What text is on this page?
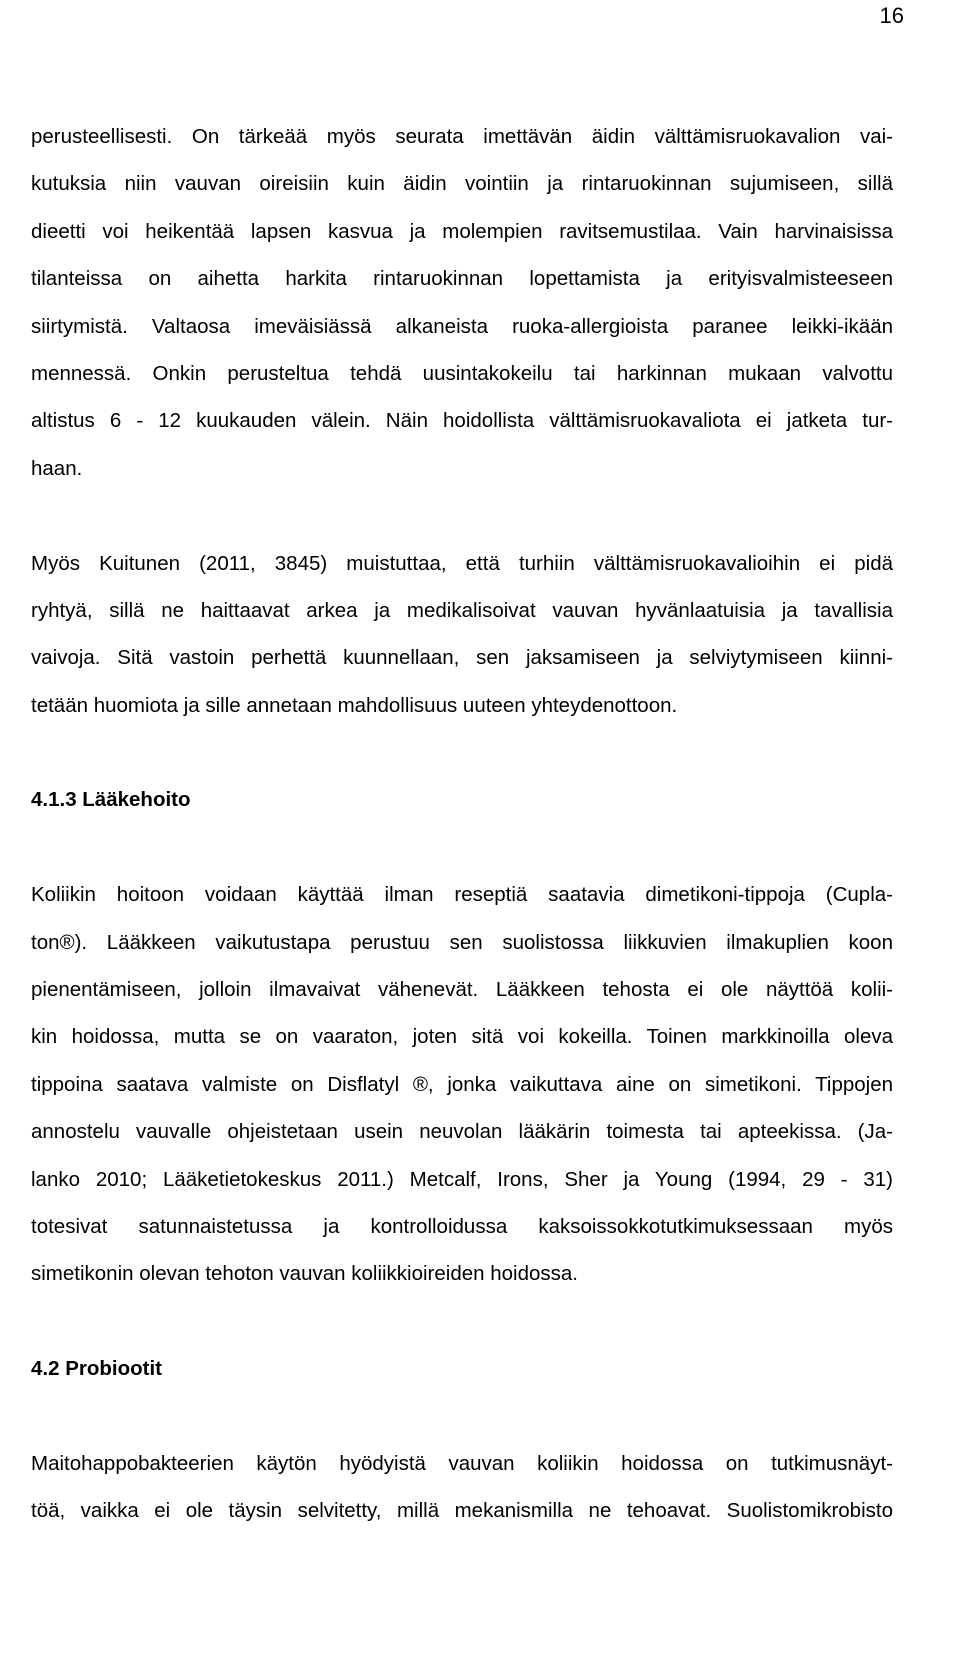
16
perusteellisesti. On tärkeää myös seurata imettävän äidin välttämisruokavalion vai-
kutuksia niin vauvan oireisiin kuin äidin vointiin ja rintaruokinnan sujumiseen, sillä
dieetti voi heikentää lapsen kasvua ja molempien ravitsemustilaa. Vain harvinaisissa
tilanteissa on aihetta harkita rintaruokinnan lopettamista ja erityisvalmisteeseen
siirtymistä. Valtaosa imeväisiässä alkaneista ruoka-allergioista paranee leikki-ikään
mennessä. Onkin perusteltua tehdä uusintakokeilu tai harkinnan mukaan valvottu
altistus 6 - 12 kuukauden välein. Näin hoidollista välttämisruokavaliota ei jatketa tur-
haan.
Myös Kuitunen (2011, 3845) muistuttaa, että turhiin välttämisruokavalioihin ei pidä
ryhtyä, sillä ne haittaavat arkea ja medikalisoivat vauvan hyvänlaatuisia ja tavallisia
vaivoja. Sitä vastoin perhettä kuunnellaan, sen jaksamiseen ja selviytymiseen kiinni-
tetään huomiota ja sille annetaan mahdollisuus uuteen yhteydenottoon.
4.1.3 Lääkehoito
Koliikin hoitoon voidaan käyttää ilman reseptiä saatavia dimetikoni-tippoja (Cupla-
ton®). Lääkkeen vaikutustapa perustuu sen suolistossa liikkuvien ilmakuplien koon
pienentämiseen, jolloin ilmavaivat vähenevät. Lääkkeen tehosta ei ole näyttöä kolii-
kin hoidossa, mutta se on vaaraton, joten sitä voi kokeilla. Toinen markkinoilla oleva
tippoina saatava valmiste on Disflatyl ®, jonka vaikuttava aine on simetikoni. Tippojen
annostelu vauvalle ohjeistetaan usein neuvolan lääkärin toimesta tai apteekissa. (Ja-
lanko 2010; Lääketietokeskus 2011.) Metcalf, Irons, Sher ja Young (1994, 29 - 31)
totesivat satunnaistetussa ja kontrolloidussa kaksoissokkotutkimuksessaan myös
simetikonin olevan tehoton vauvan koliikkioireiden hoidossa.
4.2 Probiootit
Maitohappobakteerien käytön hyödyistä vauvan koliikin hoidossa on tutkimusnäyt-
töä, vaikka ei ole täysin selvitetty, millä mekanismilla ne tehoavat. Suolistomikrobisto
